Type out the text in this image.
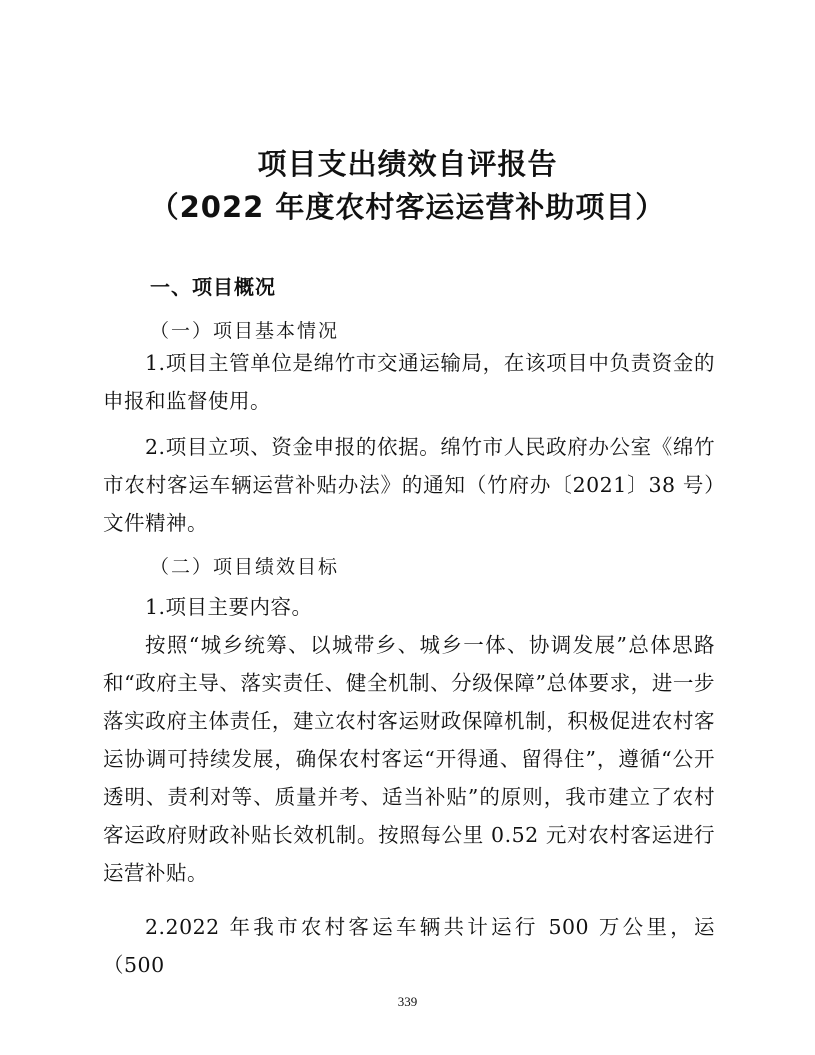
项目支出绩效自评报告
（2022 年度农村客运运营补助项目）
一、项目概况
（一）项目基本情况
1.项目主管单位是绵竹市交通运输局，在该项目中负责资金的申报和监督使用。
2.项目立项、资金申报的依据。绵竹市人民政府办公室《绵竹市农村客运车辆运营补贴办法》的通知（竹府办〔2021〕38 号）文件精神。
（二）项目绩效目标
1.项目主要内容。
按照“城乡统筹、以城带乡、城乡一体、协调发展”总体思路和“政府主导、落实责任、健全机制、分级保障”总体要求，进一步落实政府主体责任，建立农村客运财政保障机制，积极促进农村客运协调可持续发展，确保农村客运“开得通、留得住”，遵循“公开透明、责利对等、质量并考、适当补贴”的原则，我市建立了农村客运政府财政补贴长效机制。按照每公里 0.52 元对农村客运进行运营补贴。
2.2022 年我市农村客运车辆共计运行 500 万公里，运（500
339
